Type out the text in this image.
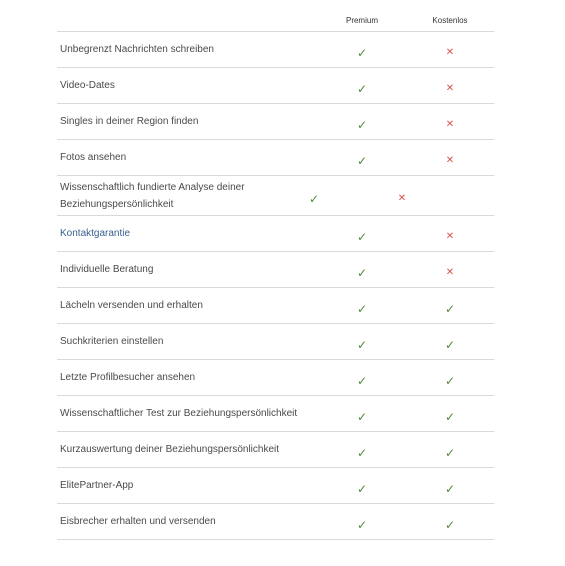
Premium	Kostenlos
Unbegrenzt Nachrichten schreiben	✓	✕
Video-Dates	✓	✕
Singles in deiner Region finden	✓	✕
Fotos ansehen	✓	✕
Wissenschaftlich fundierte Analyse deiner Beziehungspersönlichkeit	✓	✕
Kontaktgarantie	✓	✕
Individuelle Beratung	✓	✕
Lächeln versenden und erhalten	✓	✓
Suchkriterien einstellen	✓	✓
Letzte Profilbesucher ansehen	✓	✓
Wissenschaftlicher Test zur Beziehungspersönlichkeit	✓	✓
Kurzauswertung deiner Beziehungspersönlichkeit	✓	✓
ElitePartner-App	✓	✓
Eisbrecher erhalten und versenden	✓	✓
